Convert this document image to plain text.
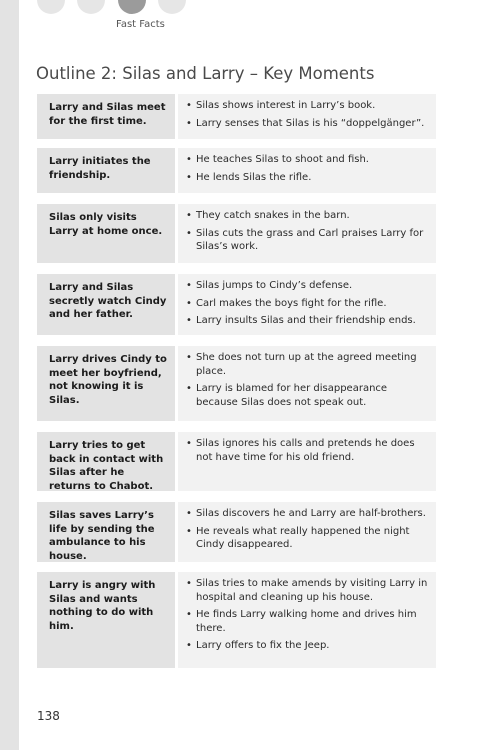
Fast Facts
Outline 2: Silas and Larry – Key Moments
Larry and Silas meet for the first time.
• Silas shows interest in Larry’s book.
• Larry senses that Silas is his “doppelgänger”.
Larry initiates the friendship.
• He teaches Silas to shoot and fish.
• He lends Silas the rifle.
Silas only visits Larry at home once.
• They catch snakes in the barn.
• Silas cuts the grass and Carl praises Larry for Silas’s work.
Larry and Silas secretly watch Cindy and her father.
• Silas jumps to Cindy’s defense.
• Carl makes the boys fight for the rifle.
• Larry insults Silas and their friendship ends.
Larry drives Cindy to meet her boyfriend, not knowing it is Silas.
• She does not turn up at the agreed meeting place.
• Larry is blamed for her disappearance because Silas does not speak out.
Larry tries to get back in contact with Silas after he returns to Chabot.
• Silas ignores his calls and pretends he does not have time for his old friend.
Silas saves Larry’s life by sending the ambulance to his house.
• Silas discovers he and Larry are half-brothers.
• He reveals what really happened the night Cindy disappeared.
Larry is angry with Silas and wants nothing to do with him.
• Silas tries to make amends by visiting Larry in hospital and cleaning up his house.
• He finds Larry walking home and drives him there.
• Larry offers to fix the Jeep.
138
